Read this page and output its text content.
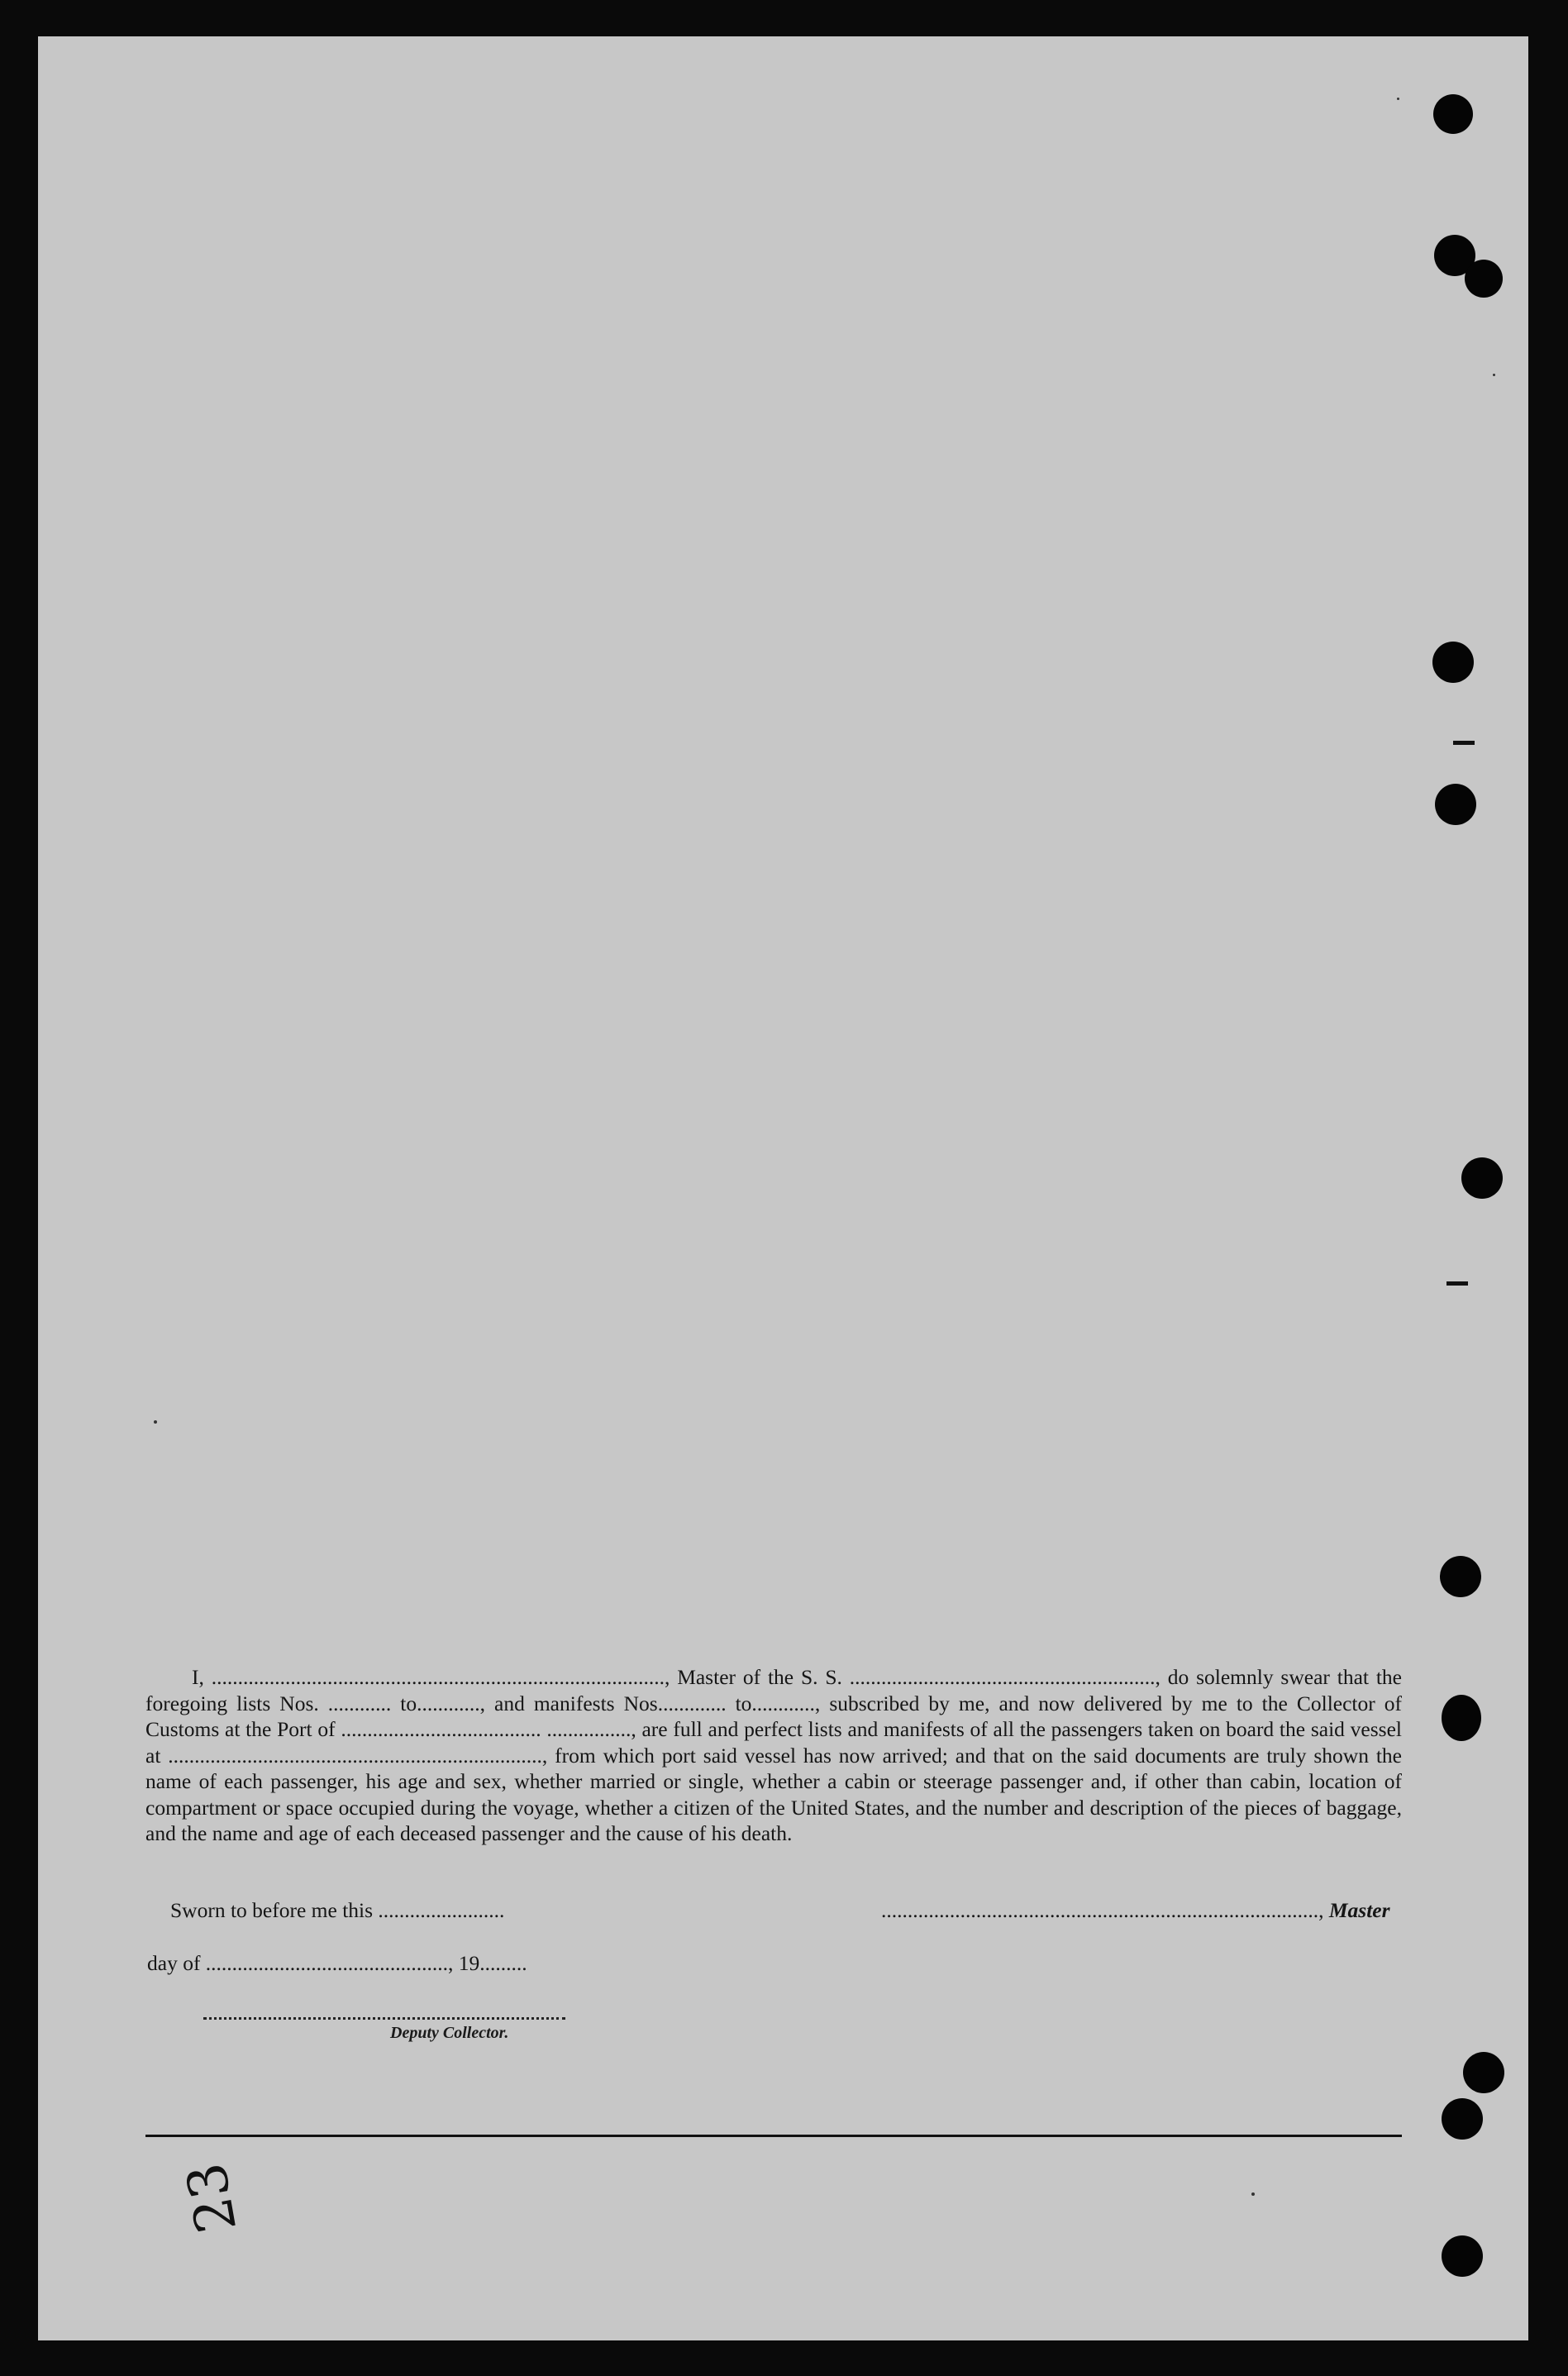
I, ......................................................................................, Master of the S. S. .........................................................., do solemnly swear that the foregoing lists Nos. ............ to............, and manifests Nos............. to............, subscribed by me, and now delivered by me to the Collector of Customs at the Port of ...................................... ................, are full and perfect lists and manifests of all the passengers taken on board the said vessel at ......................................................................., from which port said vessel has now arrived; and that on the said documents are truly shown the name of each passenger, his age and sex, whether married or single, whether a cabin or steerage passenger and, if other than cabin, location of compartment or space occupied during the voyage, whether a citizen of the United States, and the number and description of the pieces of baggage, and the name and age of each deceased passenger and the cause of his death.

Sworn to before me this ........................	..................................................................................., Master
day of .............................................., 19.........
Deputy Collector.
23
